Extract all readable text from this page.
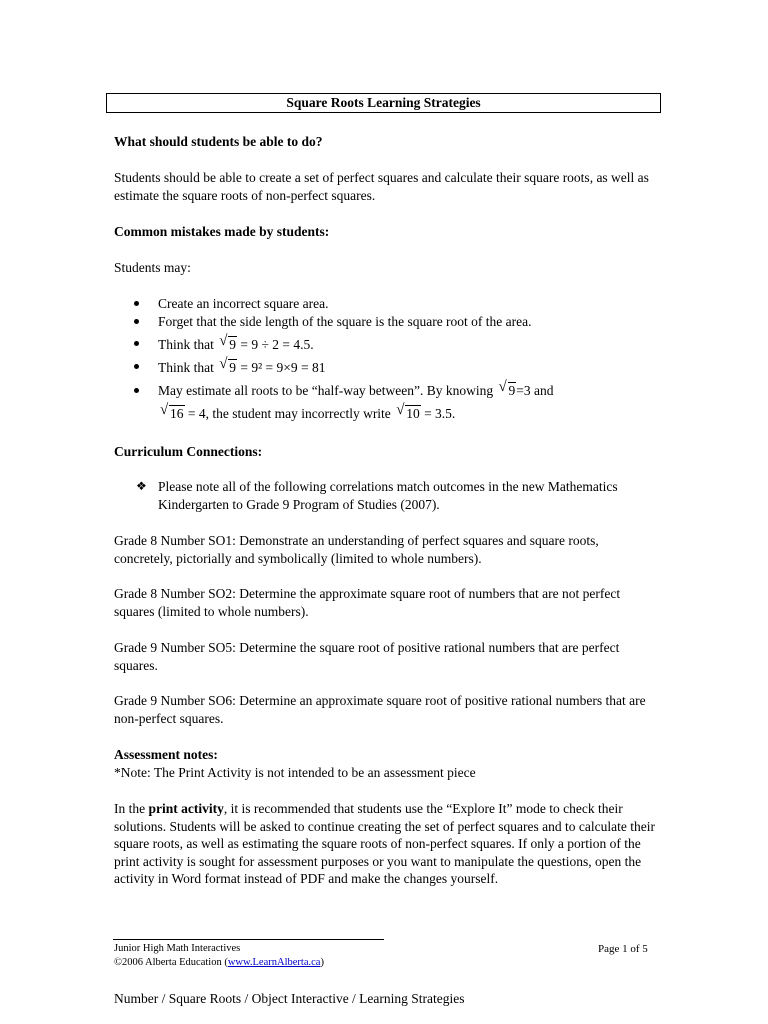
Square Roots Learning Strategies
What should students be able to do?
Students should be able to create a set of perfect squares and calculate their square roots, as well as estimate the square roots of non-perfect squares.
Common mistakes made by students:
Students may:
Create an incorrect square area.
Forget that the side length of the square is the square root of the area.
Think that √ 9 = 9 ÷ 2 = 4.5.
Think that √ 9 = 9² = 9×9 = 81
May estimate all roots to be “half-way between”. By knowing √ 9=3 and

√ 16 = 4, the student may incorrectly write √ 10 = 3.5.
Curriculum Connections:
❖ Please note all of the following correlations match outcomes in the new Mathematics Kindergarten to Grade 9 Program of Studies (2007).
Grade 8 Number SO1: Demonstrate an understanding of perfect squares and square roots, concretely, pictorially and symbolically (limited to whole numbers).
Grade 8 Number SO2: Determine the approximate square root of numbers that are not perfect squares (limited to whole numbers).
Grade 9 Number SO5: Determine the square root of positive rational numbers that are perfect squares.
Grade 9 Number SO6: Determine an approximate square root of positive rational numbers that are non-perfect squares.
Assessment notes:
*Note: The Print Activity is not intended to be an assessment piece
In the print activity, it is recommended that students use the “Explore It” mode to check their solutions. Students will be asked to continue creating the set of perfect squares and to calculate their square roots, as well as estimating the square roots of non-perfect squares. If only a portion of the print activity is sought for assessment purposes or you want to manipulate the questions, open the activity in Word format instead of PDF and make the changes yourself.
Junior High Math Interactives
©2006 Alberta Education (www.LearnAlberta.ca)
Page 1 of 5
Number / Square Roots / Object Interactive / Learning Strategies
